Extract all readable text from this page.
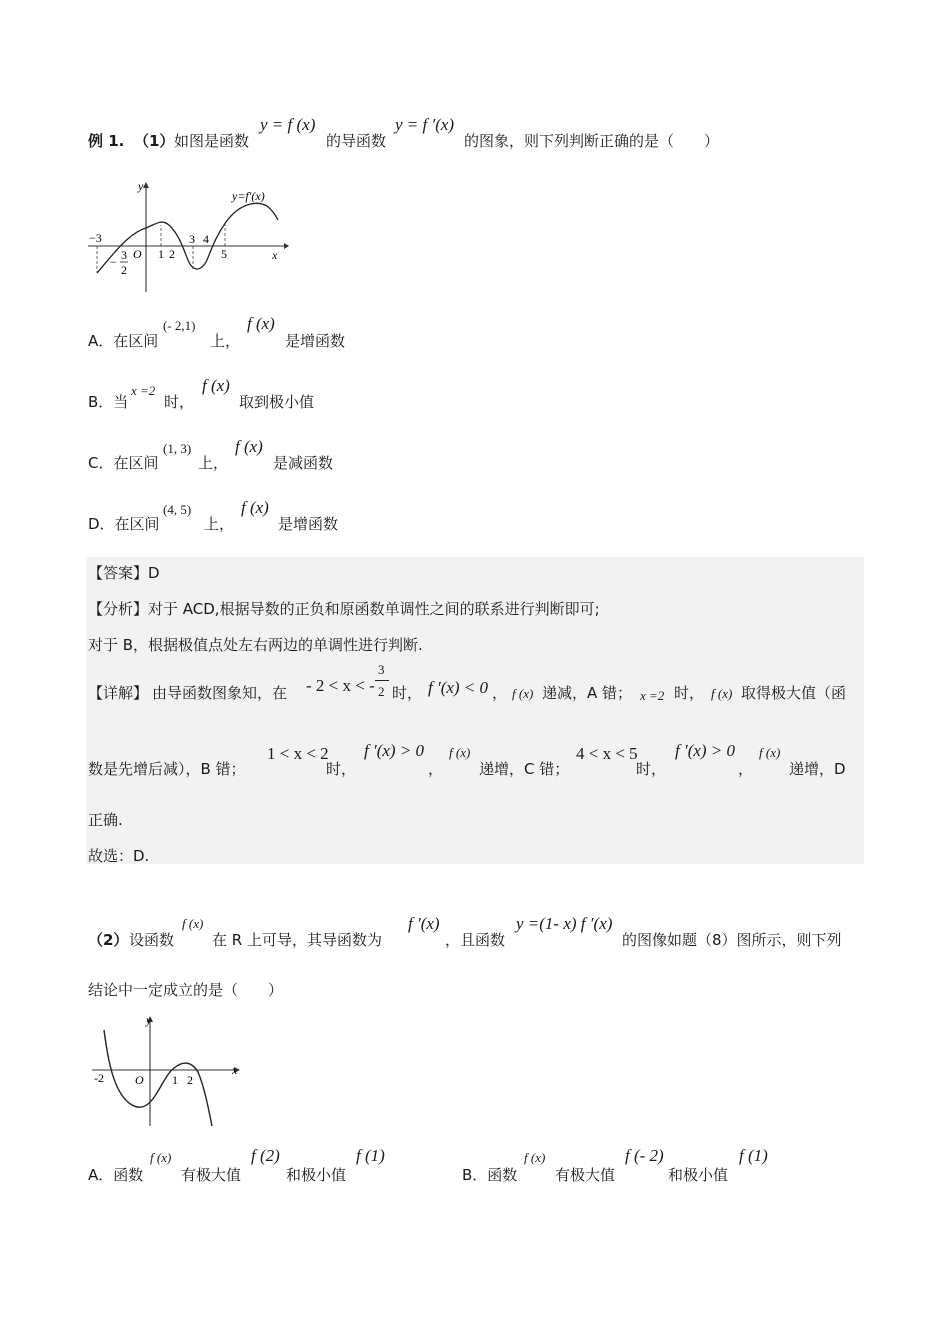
例 1. （1） 如图是函数
y = f (x)
的导函数
y = f ′(x)
的图象，则下列判断正确的是（　　）
y
x
y=f′(x)
O
−3
1 2
3 4
5
− 3
2
A．在区间
(- 2,1)
上，
f (x)
是增函数
B．当
x =2
时，
f (x)
取到极小值
C．在区间
(1, 3)
上，
f (x)
是减函数
D．在区间
(4, 5)
上，
f (x)
是增函数
【答案】D
【分析】对于 ACD,根据导数的正负和原函数单调性之间的联系进行判断即可;
对于 B，根据极值点处左右两边的单调性进行判断.
【详解】 由导函数图象知，在 - 2 < x < -
3
2 时， f ′(x) < 0 ， f (x) 递减，A 错； x =2 时， f (x) 取得极大值（函
数是先增后减），B 错；
1 < x < 2
时，
f ′(x) > 0
，
f (x)
递增，C 错；
4 < x < 5
时，
f ′(x) > 0
，
f (x)
递增，D
正确.
故选：D.
（2） 设函数
f (x)
在 R 上可导，其导函数为
f ′(x)
，且函数
y =(1- x) f ′(x)
的图像如题（8）图所示，则下列
结论中一定成立的是（　　）
y
x
O
-2	1 2
A．函数
f (x)
有极大值
f (2)
和极小值
f (1)
B．函数
f (x)
有极大值
f (- 2)
和极小值
f (1)
